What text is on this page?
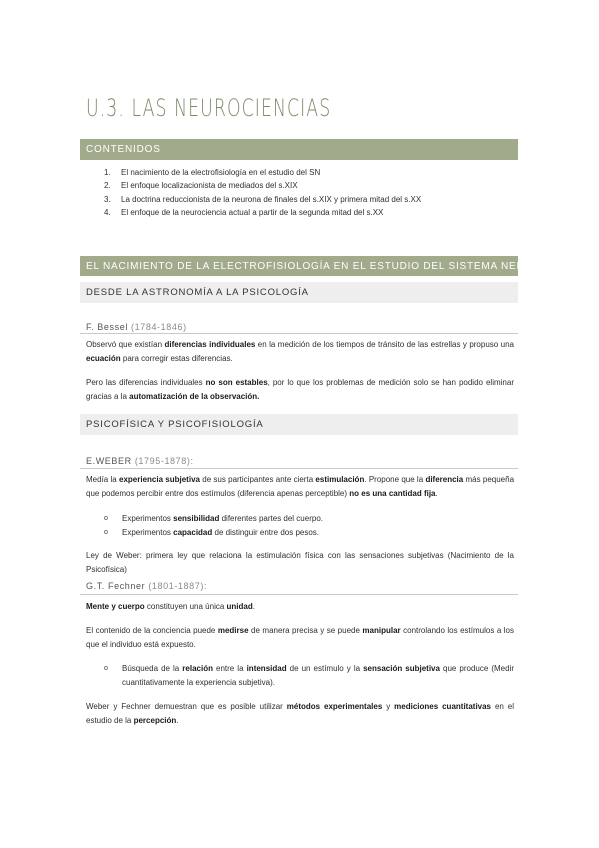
U.3. LAS NEUROCIENCIAS
CONTENIDOS
1.	El nacimiento de la electrofisiología en el estudio del SN
2.	El enfoque localizacionista de mediados del s.XIX
3.	La doctrina reduccionista de la neurona de finales del s.XIX y primera mitad del s.XX
4.	El enfoque de la neurociencia actual a partir de la segunda mitad del s.XX
EL NACIMIENTO DE LA ELECTROFISIOLOGÍA EN EL ESTUDIO DEL SISTEMA NERVIOSO
DESDE LA ASTRONOMÍA A LA PSICOLOGÍA
F. Bessel (1784-1846)
Observó que existían diferencias individuales en la medición de los tiempos de tránsito de las estrellas y propuso una ecuación para corregir estas diferencias.
Pero las diferencias individuales no son estables, por lo que los problemas de medición solo se han podido eliminar gracias a la automatización de la observación.
PSICOFÍSICA Y PSICOFISIOLOGÍA
E.WEBER (1795-1878):
Medía la experiencia subjetiva de sus participantes ante cierta estimulación. Propone que la diferencia más pequeña que podemos percibir entre dos estímulos (diferencia apenas perceptible) no es una cantidad fija.
o	Experimentos sensibilidad diferentes partes del cuerpo.
o	Experimentos capacidad de distinguir entre dos pesos.
Ley de Weber: primera ley que relaciona la estimulación física con las sensaciones subjetivas (Nacimiento de la Psicofísica)
G.T. Fechner (1801-1887):
Mente y cuerpo constituyen una única unidad.
El contenido de la conciencia puede medirse de manera precisa y se puede manipular controlando los estímulos a los que el individuo está expuesto.
o	Búsqueda de la relación entre la intensidad de un estímulo y la sensación subjetiva que produce (Medir cuantitativamente la experiencia subjetiva).
Weber y Fechner demuestran que es posible utilizar métodos experimentales y mediciones cuantitativas en el estudio de la percepción.
